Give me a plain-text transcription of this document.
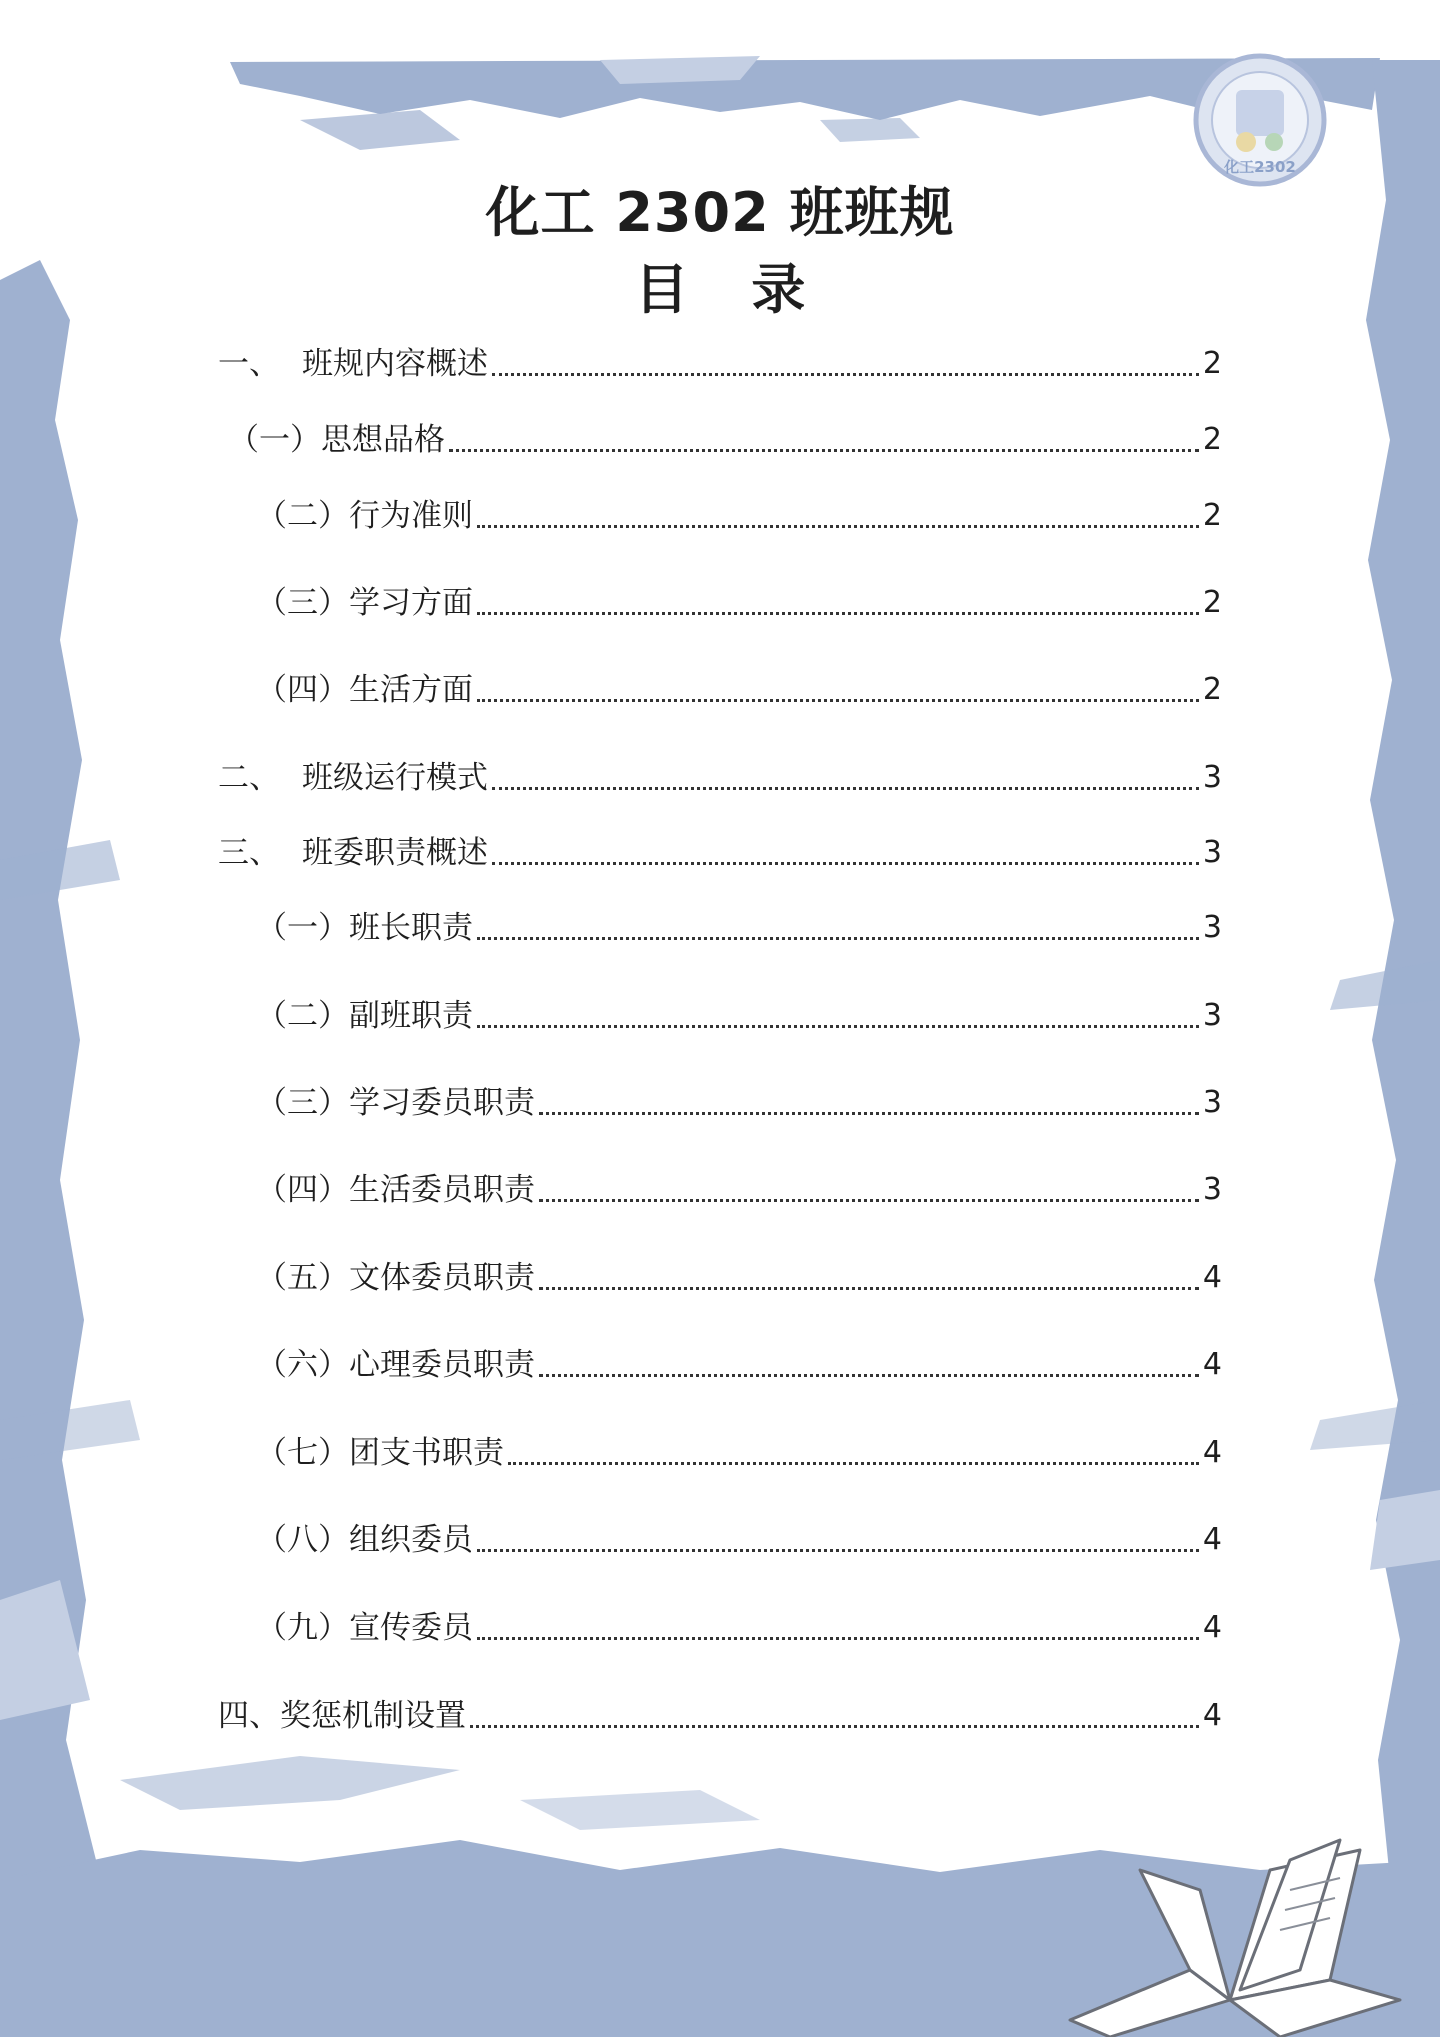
化工2302
化工 2302 班班规
目 录
一、 班规内容概述	2
（一） 思想品格	2
（二） 行为准则	2
（三） 学习方面	2
（四） 生活方面	2
二、 班级运行模式	3
三、 班委职责概述	3
（一） 班长职责	3
（二） 副班职责	3
（三） 学习委员职责	3
（四） 生活委员职责	3
（五） 文体委员职责	4
（六） 心理委员职责	4
（七） 团支书职责	4
（八） 组织委员	4
（九） 宣传委员	4
四、 奖惩机制设置	4
